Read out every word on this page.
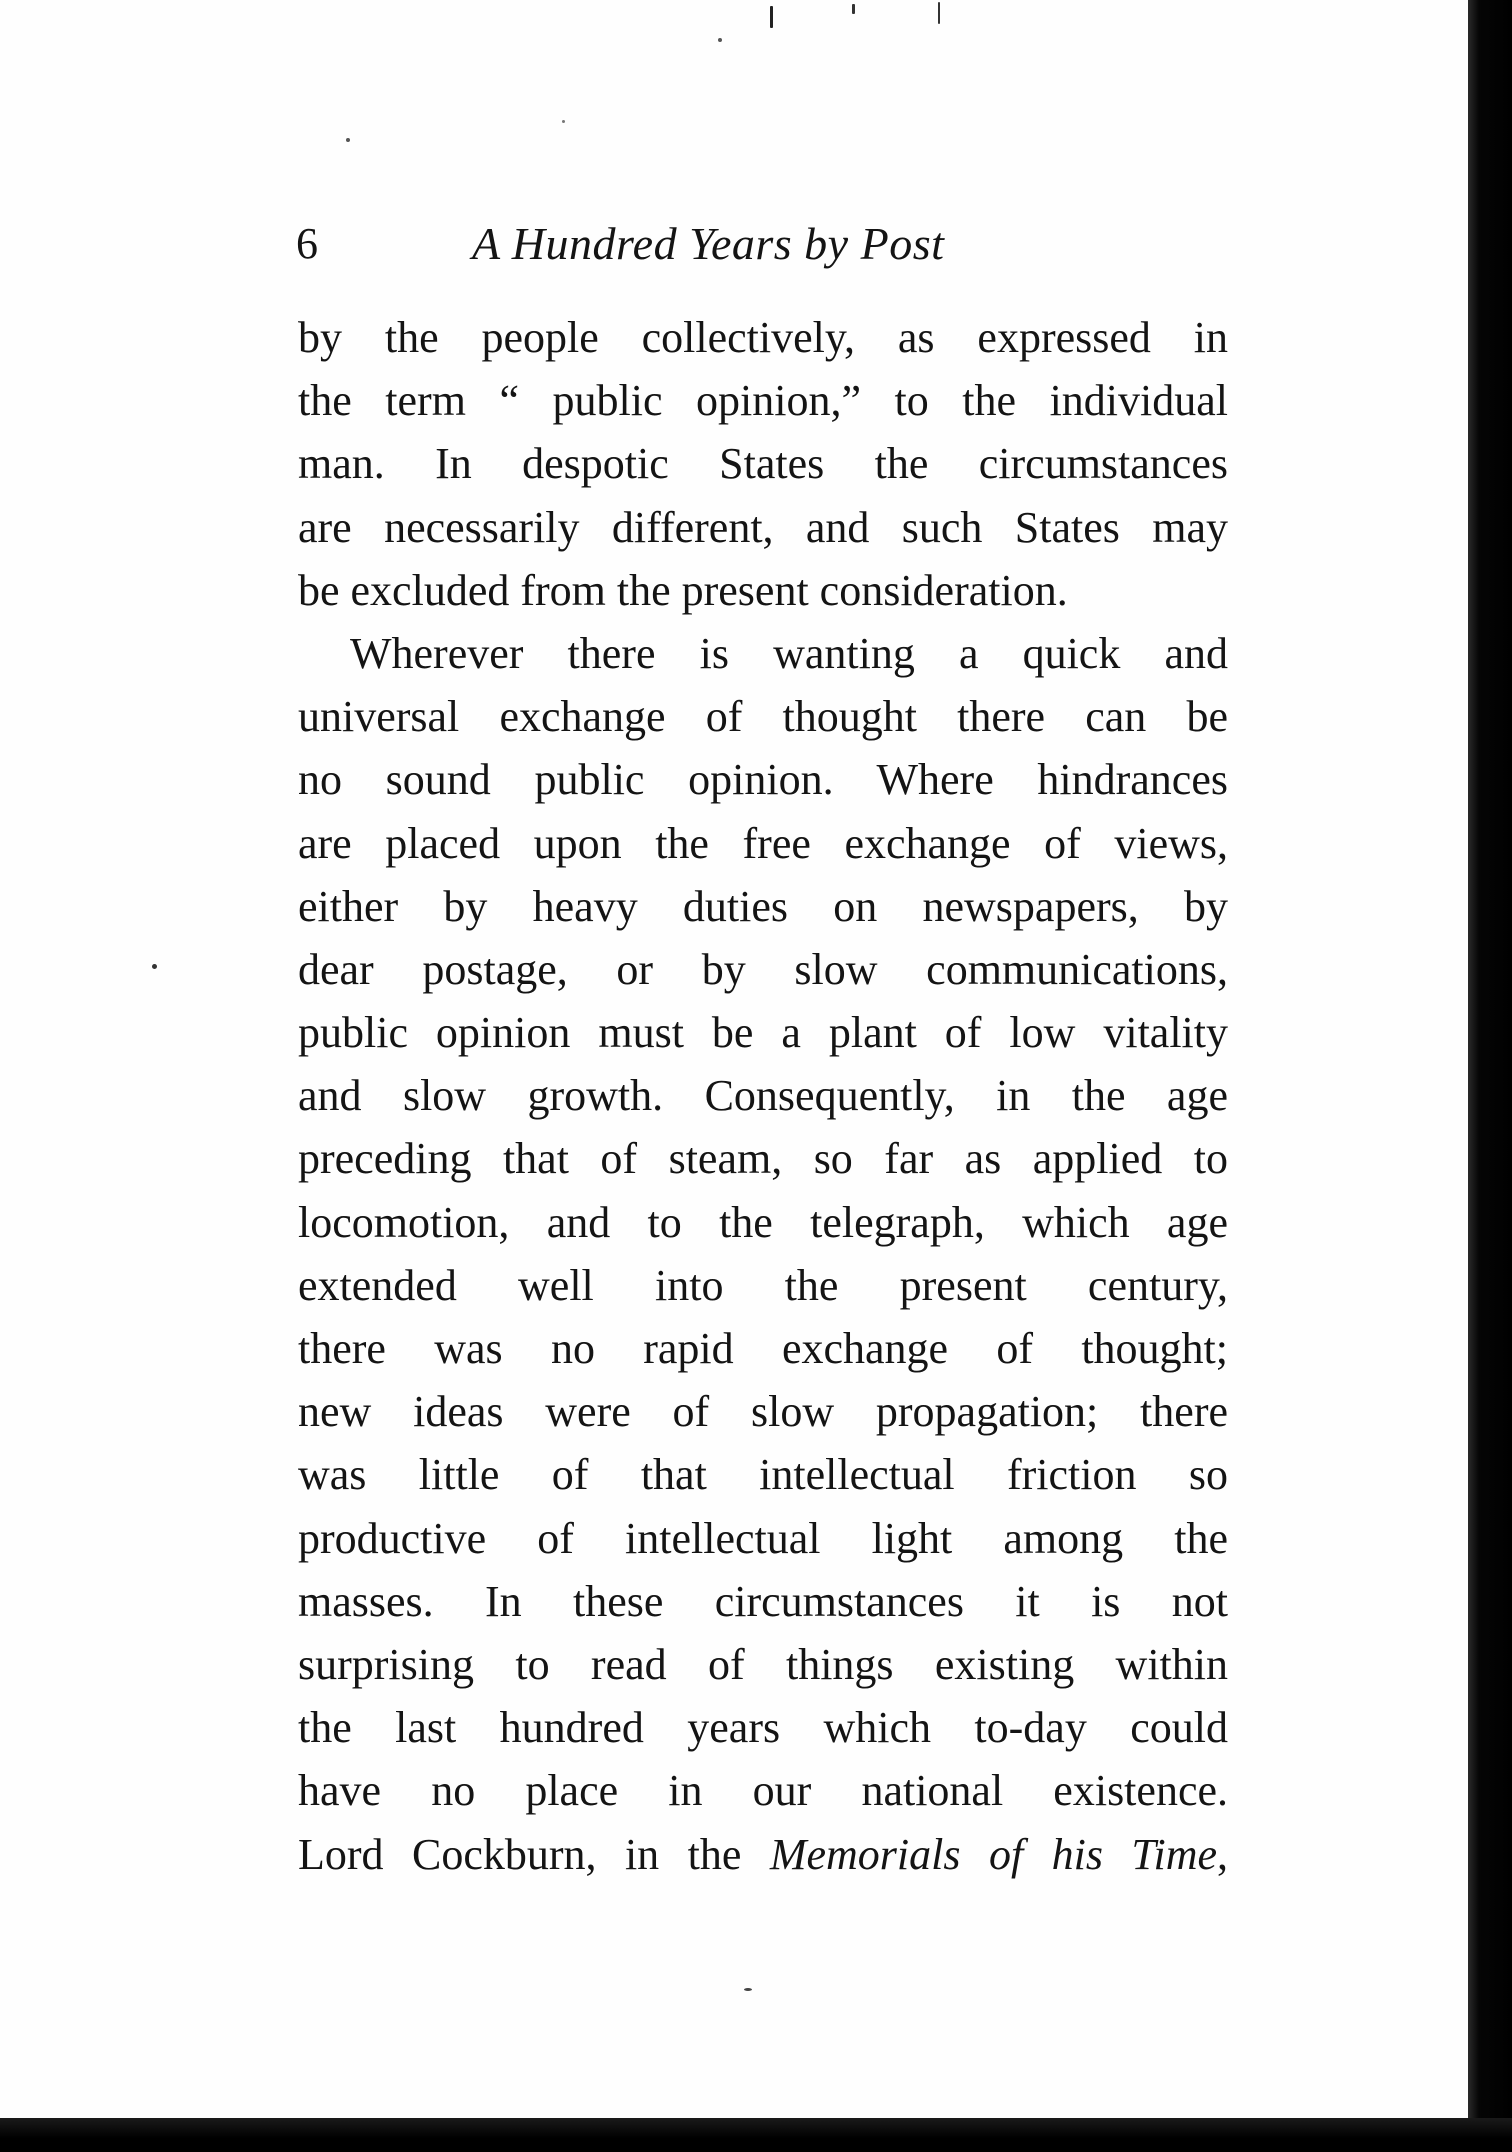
6	A Hundred Years by Post
by the people collectively, as expressed in
the term “ public opinion,” to the individual
man. In despotic States the circumstances
are necessarily different, and such States may
be excluded from the present consideration.
Wherever there is wanting a quick and
universal exchange of thought there can be
no sound public opinion. Where hindrances
are placed upon the free exchange of views,
either by heavy duties on newspapers, by
dear postage, or by slow communications,
public opinion must be a plant of low vitality
and slow growth. Consequently, in the age
preceding that of steam, so far as applied to
locomotion, and to the telegraph, which age
extended well into the present century,
there was no rapid exchange of thought;
new ideas were of slow propagation; there
was little of that intellectual friction so
productive of intellectual light among the
masses. In these circumstances it is not
surprising to read of things existing within
the last hundred years which to-day could
have no place in our national existence.
Lord Cockburn, in the Memorials of his Time,
